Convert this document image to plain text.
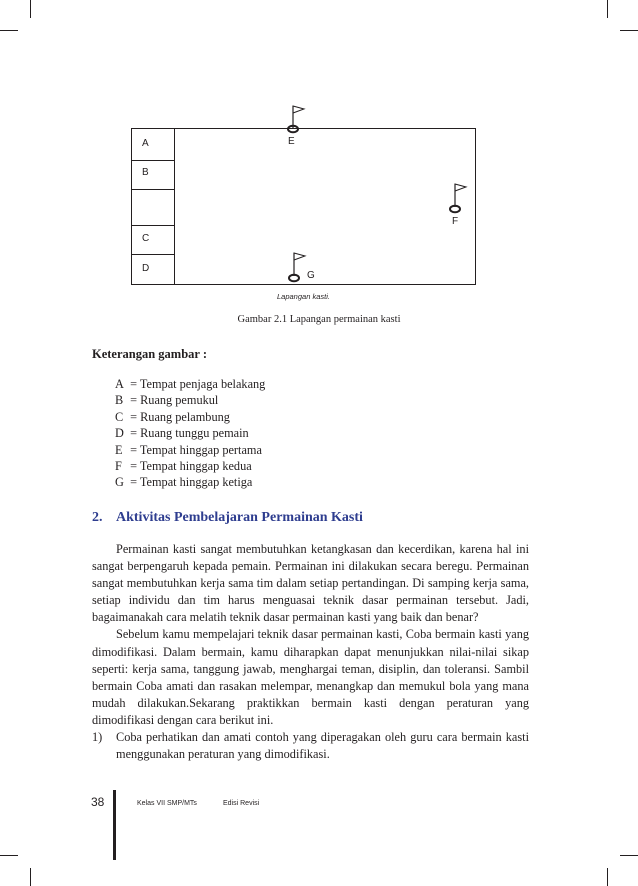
A
B
C
D
E
F
G
Lapangan kasti.
Gambar 2.1 Lapangan permainan kasti
Keterangan gambar :
A = Tempat penjaga belakang
B = Ruang pemukul
C = Ruang pelambung
D = Ruang tunggu pemain
E = Tempat hinggap pertama
F = Tempat hinggap kedua
G = Tempat hinggap ketiga
2. Aktivitas Pembelajaran Permainan Kasti

Permainan kasti sangat membutuhkan ketangkasan dan kecerdikan, karena hal ini sangat berpengaruh kepada pemain. Permainan ini dilakukan secara beregu. Permainan sangat membutuhkan kerja sama tim dalam setiap pertandingan. Di samping kerja sama, setiap individu dan tim harus menguasai teknik dasar permainan tersebut. Jadi, bagaimanakah cara melatih teknik dasar permainan kasti yang baik dan benar?

Sebelum kamu mempelajari teknik dasar permainan kasti, Coba bermain kasti yang dimodifikasi. Dalam bermain, kamu diharapkan dapat menunjukkan nilai-nilai sikap seperti: kerja sama, tanggung jawab, menghargai teman, disiplin, dan toleransi. Sambil bermain Coba amati dan rasakan melempar, menangkap dan memukul bola yang mana mudah dilakukan.Sekarang praktikkan bermain kasti dengan peraturan yang dimodifikasi dengan cara berikut ini.

1) Coba perhatikan dan amati contoh yang diperagakan oleh guru cara bermain kasti menggunakan peraturan yang dimodifikasi.
38	Kelas VII SMP/MTs	Edisi Revisi
